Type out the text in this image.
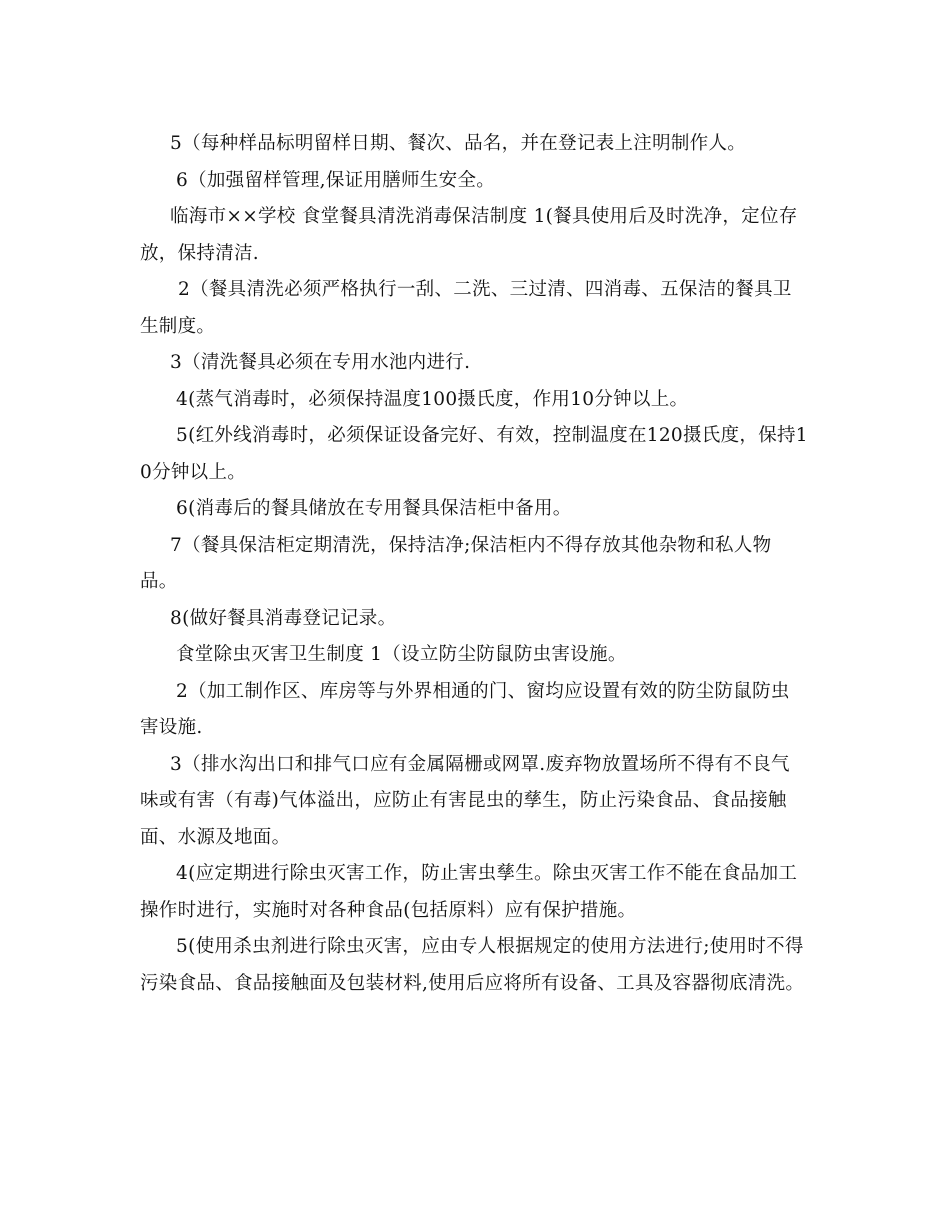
5（每种样品标明留样日期、餐次、品名，并在登记表上注明制作人。

6（加强留样管理,保证用膳师生安全。

临海市××学校 食堂餐具清洗消毒保洁制度 1(餐具使用后及时洗净，定位存放，保持清洁.

2（餐具清洗必须严格执行一刮、二洗、三过清、四消毒、五保洁的餐具卫生制度。

3（清洗餐具必须在专用水池内进行.

4(蒸气消毒时，必须保持温度100摄氏度，作用10分钟以上。

5(红外线消毒时，必须保证设备完好、有效，控制温度在120摄氏度，保持10分钟以上。

6(消毒后的餐具储放在专用餐具保洁柜中备用。

7（餐具保洁柜定期清洗，保持洁净;保洁柜内不得存放其他杂物和私人物品。

8(做好餐具消毒登记记录。

食堂除虫灭害卫生制度 1（设立防尘防鼠防虫害设施。

2（加工制作区、库房等与外界相通的门、窗均应设置有效的防尘防鼠防虫害设施.

3（排水沟出口和排气口应有金属隔栅或网罩.废弃物放置场所不得有不良气味或有害（有毒)气体溢出，应防止有害昆虫的孳生，防止污染食品、食品接触面、水源及地面。

4(应定期进行除虫灭害工作，防止害虫孳生。除虫灭害工作不能在食品加工操作时进行，实施时对各种食品(包括原料）应有保护措施。

5(使用杀虫剂进行除虫灭害，应由专人根据规定的使用方法进行;使用时不得污染食品、食品接触面及包装材料,使用后应将所有设备、工具及容器彻底清洗。
